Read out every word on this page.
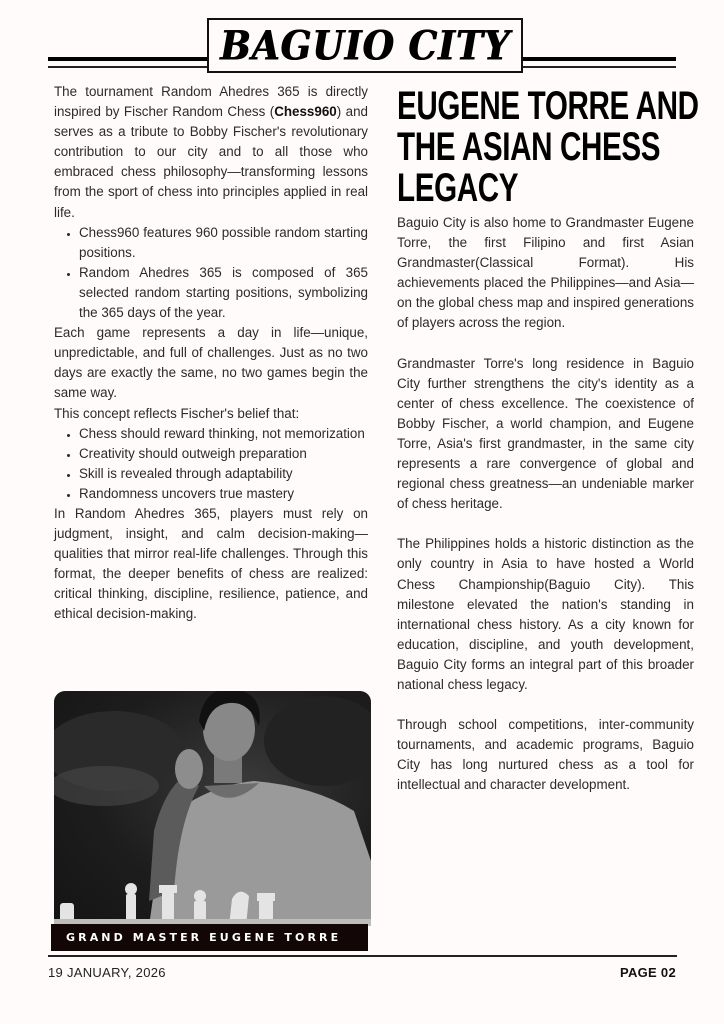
BAGUIO CITY

The tournament Random Ahedres 365 is directly inspired by Fischer Random Chess (Chess960) and serves as a tribute to Bobby Fischer's revolutionary contribution to our city and to all those who embraced chess philosophy—transforming lessons from the sport of chess into principles applied in real life.

• Chess960 features 960 possible random starting positions.
• Random Ahedres 365 is composed of 365 selected random starting positions, symbolizing the 365 days of the year.

Each game represents a day in life—unique, unpredictable, and full of challenges. Just as no two days are exactly the same, no two games begin the same way.

This concept reflects Fischer's belief that:

• Chess should reward thinking, not memorization
• Creativity should outweigh preparation
• Skill is revealed through adaptability
• Randomness uncovers true mastery

In Random Ahedres 365, players must rely on judgment, insight, and calm decision-making—qualities that mirror real-life challenges. Through this format, the deeper benefits of chess are realized: critical thinking, discipline, resilience, patience, and ethical decision-making.

EUGENE TORRE AND THE ASIAN CHESS LEGACY

Baguio City is also home to Grandmaster Eugene Torre, the first Filipino and first Asian Grandmaster(Classical Format). His achievements placed the Philippines—and Asia—on the global chess map and inspired generations of players across the region.

Grandmaster Torre's long residence in Baguio City further strengthens the city's identity as a center of chess excellence. The coexistence of Bobby Fischer, a world champion, and Eugene Torre, Asia's first grandmaster, in the same city represents a rare convergence of global and regional chess greatness—an undeniable marker of chess heritage.

The Philippines holds a historic distinction as the only country in Asia to have hosted a World Chess Championship(Baguio City). This milestone elevated the nation's standing in international chess history. As a city known for education, discipline, and youth development, Baguio City forms an integral part of this broader national chess legacy.

Through school competitions, inter-community tournaments, and academic programs, Baguio City has long nurtured chess as a tool for intellectual and character development.

GRAND MASTER EUGENE TORRE
19 JANUARY, 2026	PAGE 02
